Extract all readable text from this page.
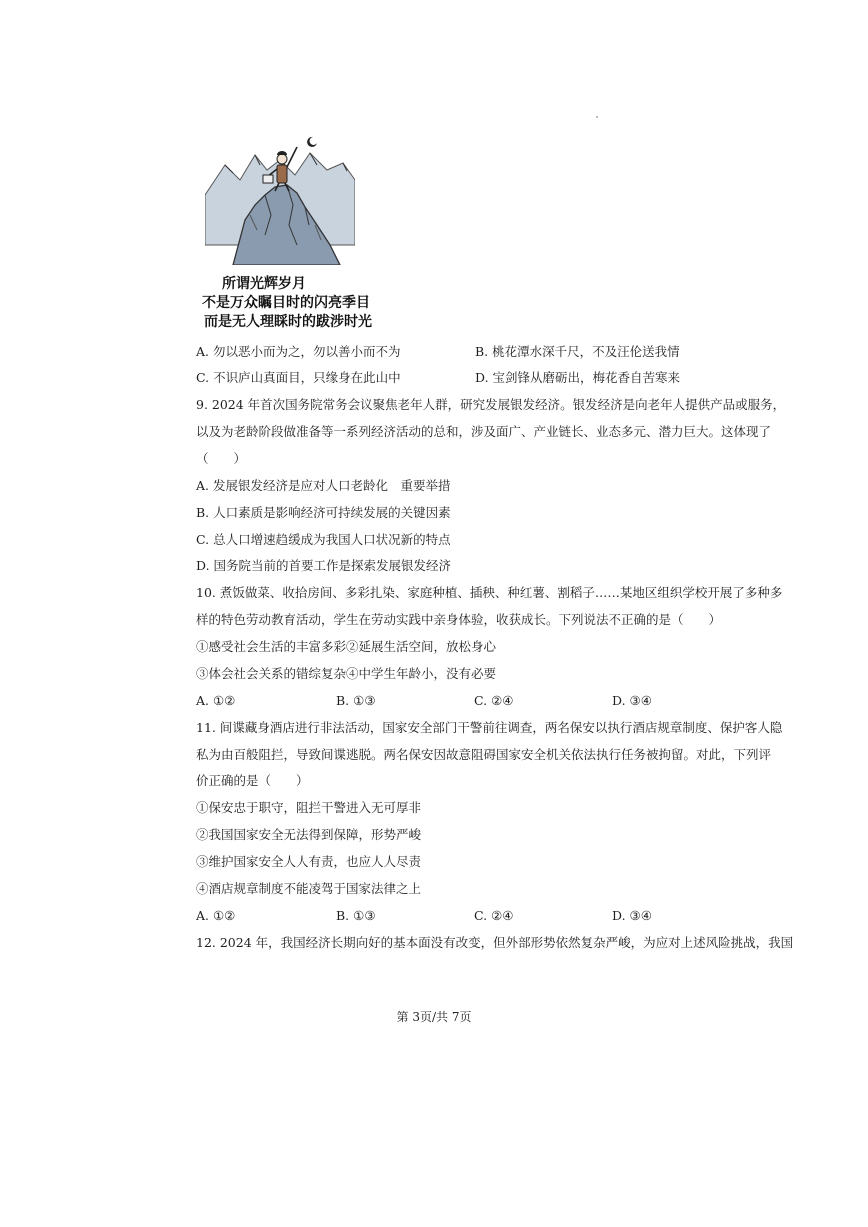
所谓光辉岁月
不是万众瞩目时的闪亮季目
而是无人理睬时的跋涉时光
A. 勿以恶小而为之，勿以善小而不为	B. 桃花潭水深千尺，不及汪伦送我情
C. 不识庐山真面目，只缘身在此山中	D. 宝剑锋从磨砺出，梅花香自苦寒来
9. 2024 年首次国务院常务会议聚焦老年人群，研究发展银发经济。银发经济是向老年人提供产品或服务，
以及为老龄阶段做准备等一系列经济活动的总和，涉及面广、产业链长、业态多元、潜力巨大。这体现了
（　　）
A. 发展银发经济是应对人口老龄化　重要举措
B. 人口素质是影响经济可持续发展的关键因素
C. 总人口增速趋缓成为我国人口状况新的特点
D. 国务院当前的首要工作是探索发展银发经济
10. 煮饭做菜、收拾房间、多彩扎染、家庭种植、插秧、种红薯、割稻子……某地区组织学校开展了多种多
样的特色劳动教育活动，学生在劳动实践中亲身体验，收获成长。下列说法不正确的是（　　）
①感受社会生活的丰富多彩②延展生活空间，放松身心
③体会社会关系的错综复杂④中学生年龄小，没有必要
A. ①②	B. ①③	C. ②④	D. ③④
11. 间谍藏身酒店进行非法活动，国家安全部门干警前往调查，两名保安以执行酒店规章制度、保护客人隐
私为由百般阻拦，导致间谍逃脱。两名保安因故意阻碍国家安全机关依法执行任务被拘留。对此，下列评
价正确的是（　　）
①保安忠于职守，阻拦干警进入无可厚非
②我国国家安全无法得到保障，形势严峻
③维护国家安全人人有责，也应人人尽责
④酒店规章制度不能凌驾于国家法律之上
A. ①②	B. ①③	C. ②④	D. ③④
12. 2024 年，我国经济长期向好的基本面没有改变，但外部形势依然复杂严峻，为应对上述风险挑战，我国
第 3页/共 7页
